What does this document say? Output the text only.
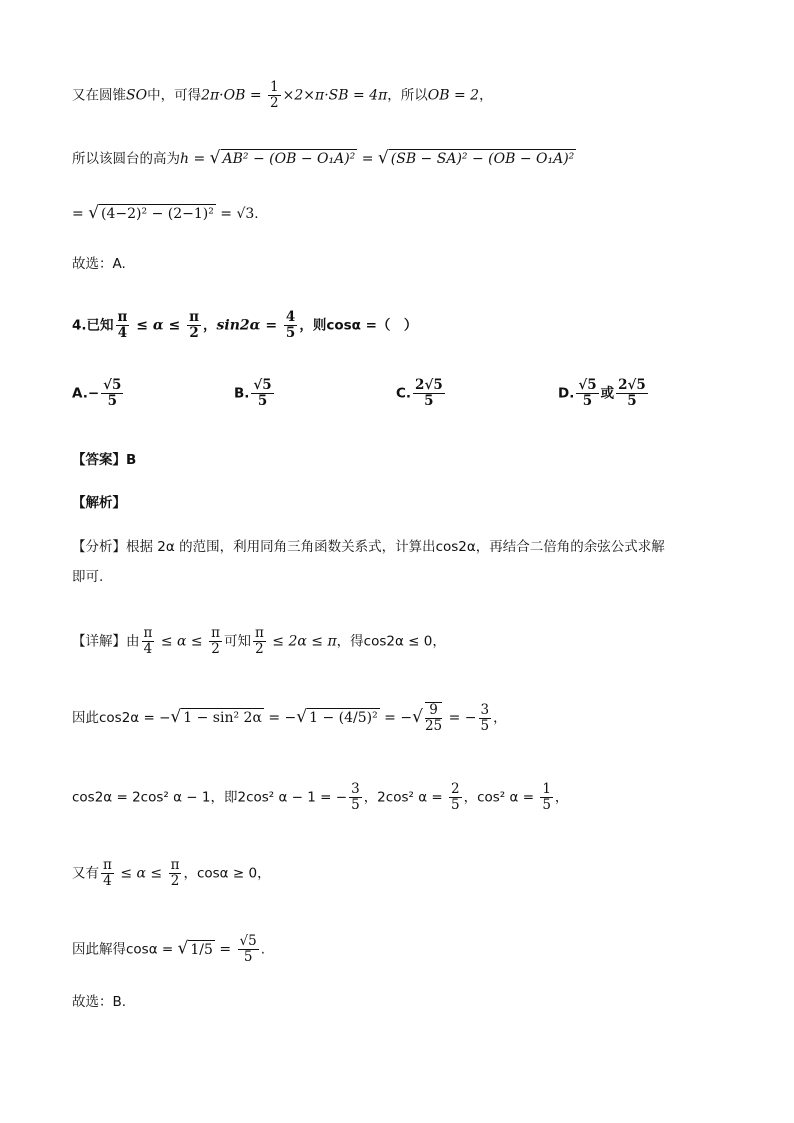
又在圆锥SO中，可得$2\pi\cdot OB = \frac{1}{2} \times 2\times\pi\cdot SB = 4\pi$，所以OB = 2，
所以该圆台的高为h = √ AB² − (OB − O₁A)² = √ (SB − SA)² − (OB − O₁A)²
= √ (4−2)² − (2−1)² = √3.
故选：A.
4.已知 $\frac{\pi}{4} \le \alpha \le \frac{\pi}{2}$ ，$\sin 2\alpha = \frac{4}{5}$ ，则cosα =（　）
$A.- \frac{√5}{5}$	B. $\frac{√5}{5}$	C. $\frac{2√5}{5}$	D. $\frac{√5}{5}$ 或 $\frac{2√5}{5}$
【答案】B
【解析】
【分析】根据 2α 的范围，利用同角三角函数关系式，计算出cos2α，再结合二倍角的余弦公式求解
即可.
【详解】由 $\frac{\pi}{4} \le \alpha \le \frac{\pi}{2}$ 可知 $\frac{\pi}{2} \le 2\alpha \le \pi$，得cos2α ≤ 0，
因此cos2α = −√ 1 − sin² 2α = −√ 1 − (4/5)² = −√ $\frac{9}{25}$ = − $\frac{3}{5}$ ，
cos2α = 2cos² α − 1，即2cos² α − 1 = − $\frac{3}{5}$ ，2cos² $\alpha = \frac{2}{5}$ ，cos² $\alpha = \frac{1}{5}$ ，
又有 $\frac{\pi}{4} \le \alpha \le \frac{\pi}{2}$ ，cosα ≥ 0，
因此解得cosα = √ $1/5 = \frac{√5}{5}$ .
故选：B.
